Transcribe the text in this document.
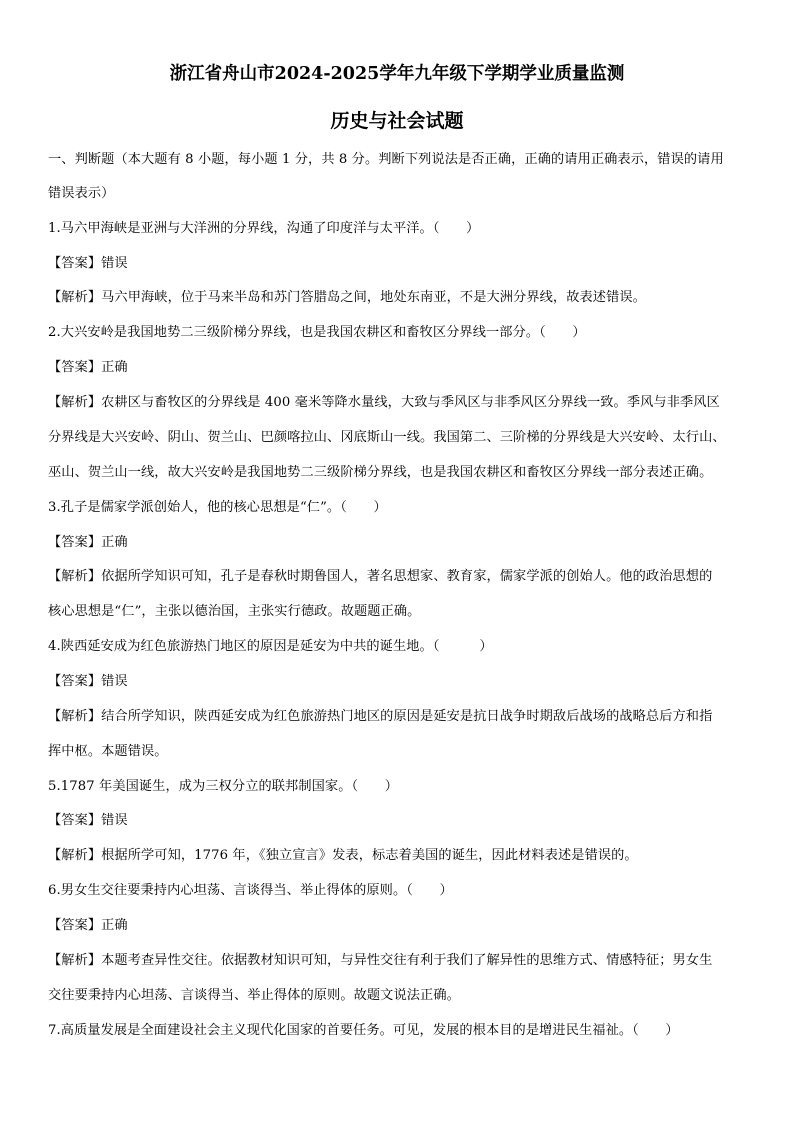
浙江省舟山市2024-2025学年九年级下学期学业质量监测
历史与社会试题
一、判断题（本大题有 8 小题，每小题 1 分，共 8 分。判断下列说法是否正确，正确的请用正确表示，错误的请用
错误表示）
1.马六甲海峡是亚洲与大洋洲的分界线，沟通了印度洋与太平洋。（　　）
【答案】错误
【解析】马六甲海峡，位于马来半岛和苏门答腊岛之间，地处东南亚，不是大洲分界线，故表述错误。
2.大兴安岭是我国地势二三级阶梯分界线，也是我国农耕区和畜牧区分界线一部分。（　　）
【答案】正确
【解析】农耕区与畜牧区的分界线是 400 毫米等降水量线，大致与季风区与非季风区分界线一致。季风与非季风区
分界线是大兴安岭、阴山、贺兰山、巴颜喀拉山、冈底斯山一线。我国第二、三阶梯的分界线是大兴安岭、太行山、
巫山、贺兰山一线，故大兴安岭是我国地势二三级阶梯分界线，也是我国农耕区和畜牧区分界线一部分表述正确。
3.孔子是儒家学派创始人，他的核心思想是“仁”。（　　）
【答案】正确
【解析】依据所学知识可知，孔子是春秋时期鲁国人，著名思想家、教育家，儒家学派的创始人。他的政治思想的
核心思想是“仁”，主张以德治国，主张实行德政。故题题正确。
4.陕西延安成为红色旅游热门地区的原因是延安为中共的诞生地。（　　　）
【答案】错误
【解析】结合所学知识，陕西延安成为红色旅游热门地区的原因是延安是抗日战争时期敌后战场的战略总后方和指
挥中枢。本题错误。
5.1787 年美国诞生，成为三权分立的联邦制国家。（　　）
【答案】错误
【解析】根据所学可知，1776 年，《独立宣言》发表，标志着美国的诞生，因此材料表述是错误的。
6.男女生交往要秉持内心坦荡、言谈得当、举止得体的原则。（　　）
【答案】正确
【解析】本题考查异性交往。依据教材知识可知，与异性交往有利于我们了解异性的思维方式、情感特征；男女生
交往要秉持内心坦荡、言谈得当、举止得体的原则。故题文说法正确。
7.高质量发展是全面建设社会主义现代化国家的首要任务。可见，发展的根本目的是增进民生福祉。（　　）
